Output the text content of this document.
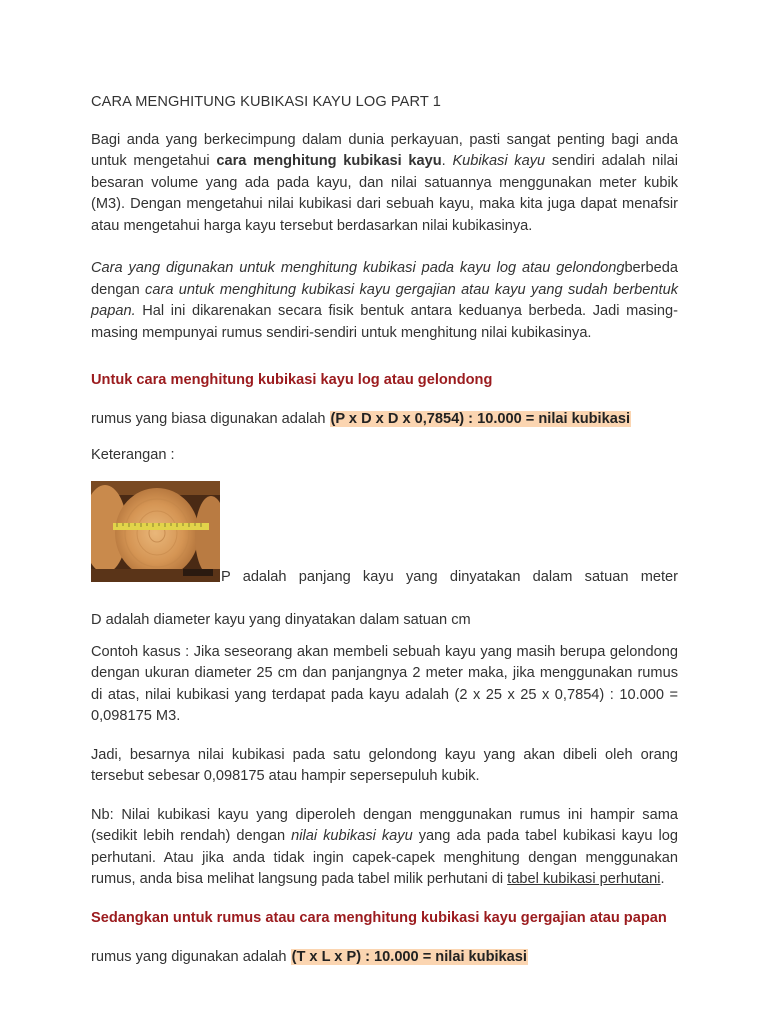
CARA MENGHITUNG KUBIKASI KAYU LOG PART 1

Bagi anda yang berkecimpung dalam dunia perkayuan, pasti sangat penting bagi anda untuk mengetahui cara menghitung kubikasi kayu. Kubikasi kayu sendiri adalah nilai besaran volume yang ada pada kayu, dan nilai satuannya menggunakan meter kubik (M3). Dengan mengetahui nilai kubikasi dari sebuah kayu, maka kita juga dapat menafsir atau mengetahui harga kayu tersebut berdasarkan nilai kubikasinya.

Cara yang digunakan untuk menghitung kubikasi pada kayu log atau gelondongberbeda dengan cara untuk menghitung kubikasi kayu gergajian atau kayu yang sudah berbentuk papan. Hal ini dikarenakan secara fisik bentuk antara keduanya berbeda. Jadi masing-masing mempunyai rumus sendiri-sendiri untuk menghitung nilai kubikasinya.

Untuk cara menghitung kubikasi kayu log atau gelondong

rumus yang biasa digunakan adalah (P x D x D x 0,7854) : 10.000 = nilai kubikasi

Keterangan :

P adalah panjang kayu yang dinyatakan dalam satuan meter

D adalah diameter kayu yang dinyatakan dalam satuan cm

Contoh kasus : Jika seseorang akan membeli sebuah kayu yang masih berupa gelondong dengan ukuran diameter 25 cm dan panjangnya 2 meter maka, jika menggunakan rumus di atas, nilai kubikasi yang terdapat pada kayu adalah (2 x 25 x 25 x 0,7854) : 10.000 = 0,098175 M3.

Jadi, besarnya nilai kubikasi pada satu gelondong kayu yang akan dibeli oleh orang tersebut sebesar 0,098175 atau hampir sepersepuluh kubik.

Nb: Nilai kubikasi kayu yang diperoleh dengan menggunakan rumus ini hampir sama (sedikit lebih rendah) dengan nilai kubikasi kayu yang ada pada tabel kubikasi kayu log perhutani. Atau jika anda tidak ingin capek-capek menghitung dengan menggunakan rumus, anda bisa melihat langsung pada tabel milik perhutani di tabel kubikasi perhutani.

Sedangkan untuk rumus atau cara menghitung kubikasi kayu gergajian atau papan

rumus yang digunakan adalah (T x L x P) : 10.000 = nilai kubikasi
